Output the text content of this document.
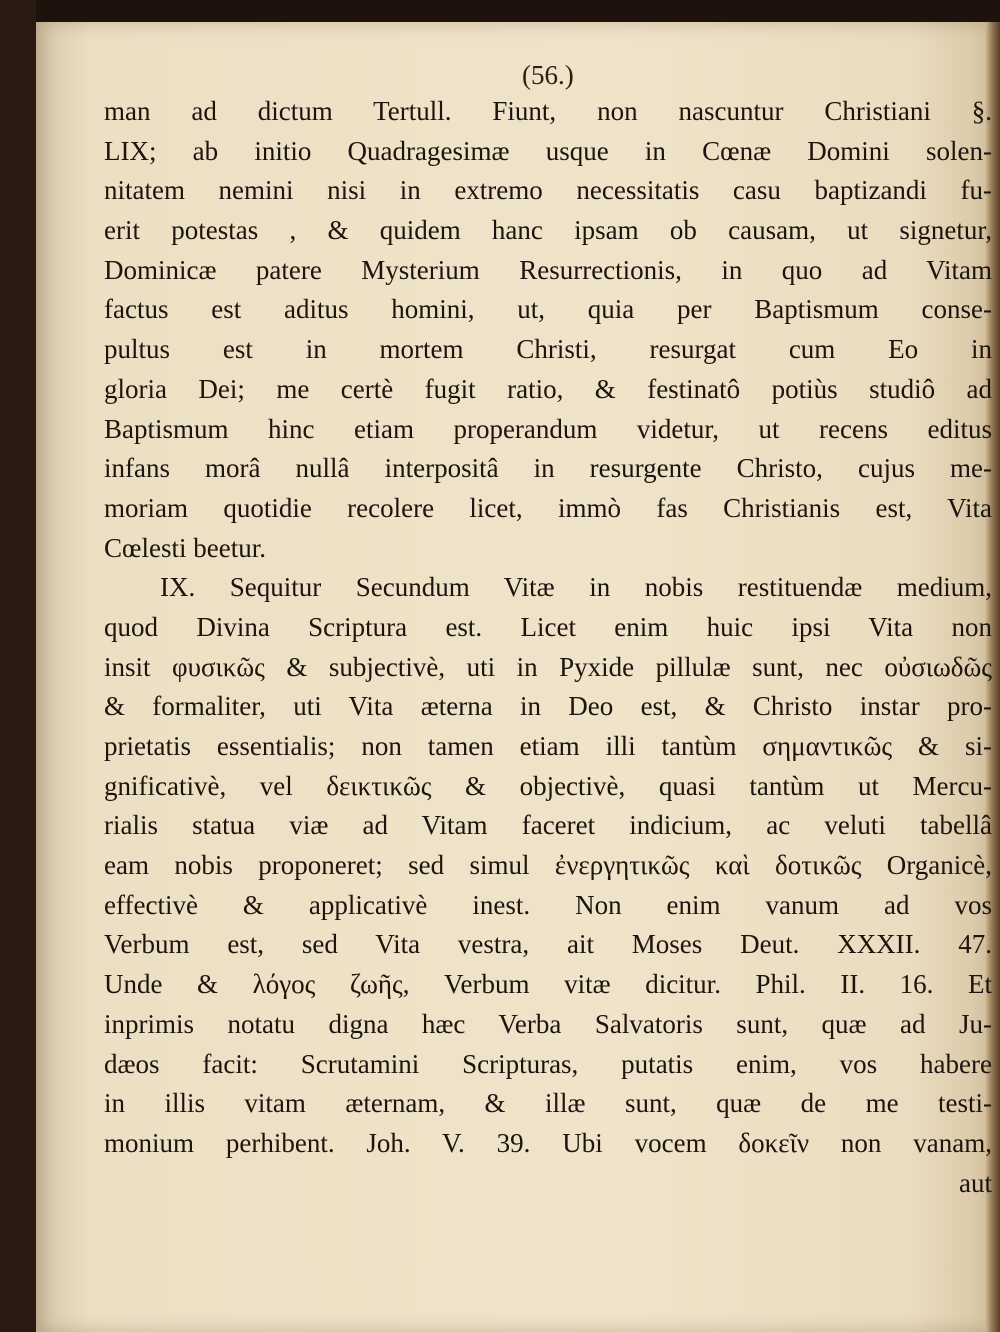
(56.)
man ad dictum Tertull. Fiunt, non nascuntur Christiani §.
LIX; ab initio Quadragesimæ usque in Cœnæ Domini solen-
nitatem nemini nisi in extremo necessitatis casu baptizandi fu-
erit potestas , & quidem hanc ipsam ob causam, ut signetur,
Dominicæ patere Mysterium Resurrectionis, in quo ad Vitam
factus est aditus homini, ut, quia per Baptismum conse-
pultus est in mortem Christi, resurgat cum Eo in
gloria Dei; me certè fugit ratio, & festinatô potiùs studiô ad
Baptismum hinc etiam properandum videtur, ut recens editus
infans morâ nullâ interpositâ in resurgente Christo, cujus me-
moriam quotidie recolere licet, immò fas Christianis est, Vita
Cœlesti beetur.
IX. Sequitur Secundum Vitæ in nobis restituendæ medium,
quod Divina Scriptura est. Licet enim huic ipsi Vita non
insit φυσικῶς & subjectivè, uti in Pyxide pillulæ sunt, nec οὐσιωδῶς
& formaliter, uti Vita æterna in Deo est, & Christo instar pro-
prietatis essentialis; non tamen etiam illi tantùm σημαντικῶς & si-
gnificativè, vel δεικτικῶς & objectivè, quasi tantùm ut Mercu-
rialis statua viæ ad Vitam faceret indicium, ac veluti tabellâ
eam nobis proponeret; sed simul ἐνεργητικῶς καὶ δοτικῶς Organicè,
effectivè & applicativè inest. Non enim vanum ad vos
Verbum est, sed Vita vestra, ait Moses Deut. XXXII. 47.
Unde & λόγος ζωῆς, Verbum vitæ dicitur. Phil. II. 16. Et
inprimis notatu digna hæc Verba Salvatoris sunt, quæ ad Ju-
dæos facit: Scrutamini Scripturas, putatis enim, vos habere
in illis vitam æternam, & illæ sunt, quæ de me testi-
monium perhibent. Joh. V. 39. Ubi vocem δοκεῖν non vanam,
aut
